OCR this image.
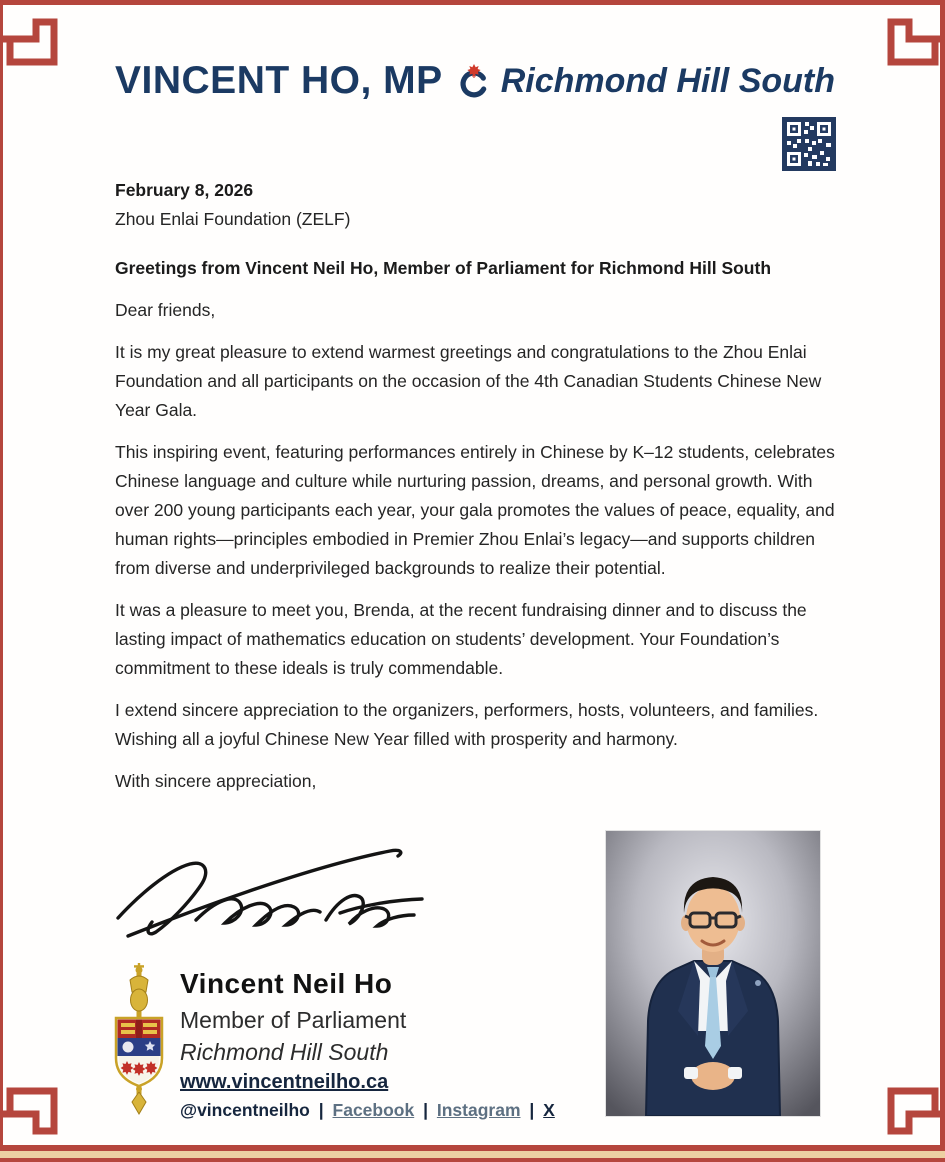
VINCENT HO, MP Richmond Hill South

February 8, 2026

Zhou Enlai Foundation (ZELF)

Greetings from Vincent Neil Ho, Member of Parliament for Richmond Hill South

Dear friends,

It is my great pleasure to extend warmest greetings and congratulations to the Zhou Enlai Foundation and all participants on the occasion of the 4th Canadian Students Chinese New Year Gala.

This inspiring event, featuring performances entirely in Chinese by K–12 students, celebrates Chinese language and culture while nurturing passion, dreams, and personal growth. With over 200 young participants each year, your gala promotes the values of peace, equality, and human rights—principles embodied in Premier Zhou Enlai’s legacy—and supports children from diverse and underprivileged backgrounds to realize their potential.

It was a pleasure to meet you, Brenda, at the recent fundraising dinner and to discuss the lasting impact of mathematics education on students’ development. Your Foundation’s commitment to these ideals is truly commendable.

I extend sincere appreciation to the organizers, performers, hosts, volunteers, and families. Wishing all a joyful Chinese New Year filled with prosperity and harmony.

With sincere appreciation,

Vincent Neil Ho
Member of Parliament
Richmond Hill South
www.vincentneilho.ca
@vincentneilho | Facebook | Instagram | X
